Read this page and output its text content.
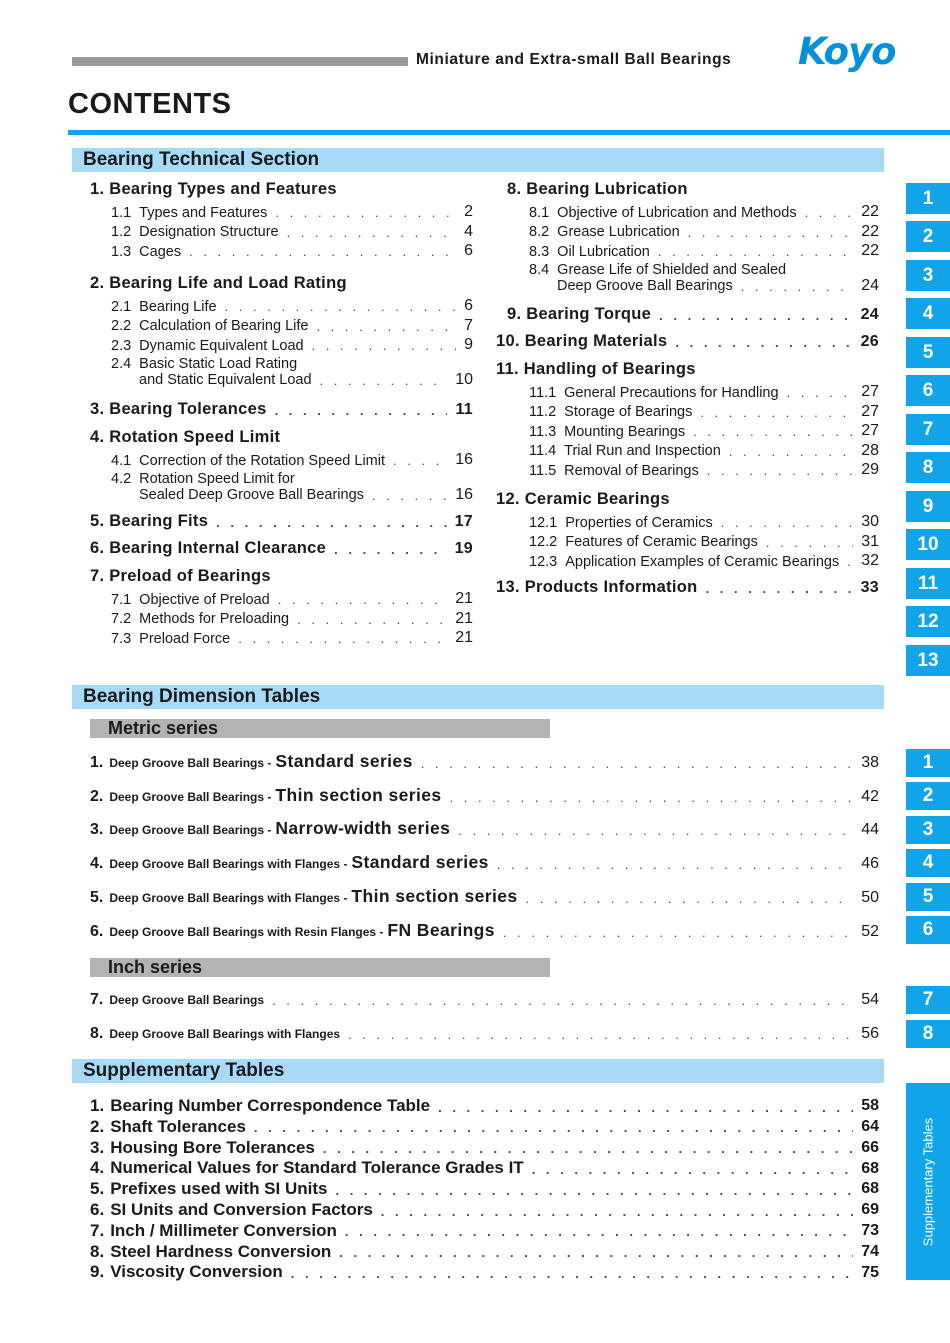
Miniature and Extra-small Ball Bearings Koyo
CONTENTS
Bearing Technical Section
Bearing Dimension Tables
Metric series
Inch series
Supplementary Tables
1. Bearing Types and Features
1.1 Types and Features . . .	2
1.2 Designation Structure . . .	4
1.3 Cages . . .	6
2. Bearing Life and Load Rating
2.1 Bearing Life . . .	6
2.2 Calculation of Bearing Life . . .	7
2.3 Dynamic Equivalent Load . . .	9
2.4 Basic Static Load Rating
and Static Equivalent Load . . .	10
3. Bearing Tolerances . . .	11
4. Rotation Speed Limit
4.1 Correction of the Rotation Speed Limit . . .	16
4.2 Rotation Speed Limit for
Sealed Deep Groove Ball Bearings . . .	16
5. Bearing Fits . . .	17
6. Bearing Internal Clearance . . .	19
7. Preload of Bearings
7.1 Objective of Preload . . .	21
7.2 Methods for Preloading . . .	21
7.3 Preload Force . . .	21
8. Bearing Lubrication
8.1 Objective of Lubrication and Methods . . .	22
8.2 Grease Lubrication . . .	22
8.3 Oil Lubrication . . .	22
8.4 Grease Life of Shielded and Sealed
Deep Groove Ball Bearings . . .	24
9. Bearing Torque . . .	24
10. Bearing Materials . . .	26
11. Handling of Bearings
11.1 General Precautions for Handling . . .	27
11.2 Storage of Bearings . . .	27
11.3 Mounting Bearings . . .	27
11.4 Trial Run and Inspection . . .	28
11.5 Removal of Bearings . . .	29
12. Ceramic Bearings
12.1 Properties of Ceramics . . .	30
12.2 Features of Ceramic Bearings . . .	31
12.3 Application Examples of Ceramic Bearings . . . 32
13. Products Information . . .	33
1. Deep Groove Ball Bearings - Standard series . . .	38
2. Deep Groove Ball Bearings - Thin section series . . .	42
3. Deep Groove Ball Bearings - Narrow-width series . . .	44
4. Deep Groove Ball Bearings with Flanges - Standard series . . .	46
5. Deep Groove Ball Bearings with Flanges - Thin section series . . .	50
6. Deep Groove Ball Bearings with Resin Flanges - FN Bearings . . .	52
7. Deep Groove Ball Bearings . . .	54
8. Deep Groove Ball Bearings with Flanges . . .	56
1. Bearing Number Correspondence Table . . .	58
2. Shaft Tolerances . . .	64
3. Housing Bore Tolerances . . .	66
4. Numerical Values for Standard Tolerance Grades IT . . .	68
5. Prefixes used with SI Units . . .	68
6. SI Units and Conversion Factors . . .	69
7. Inch / Millimeter Conversion . . .	73
8. Steel Hardness Conversion . . .	74
9. Viscosity Conversion . . .	75
1
2
3
4
5
6
7
8
9
10
11
12
13
1
2
3
4
5
6
7
8
Supplementary Tables
